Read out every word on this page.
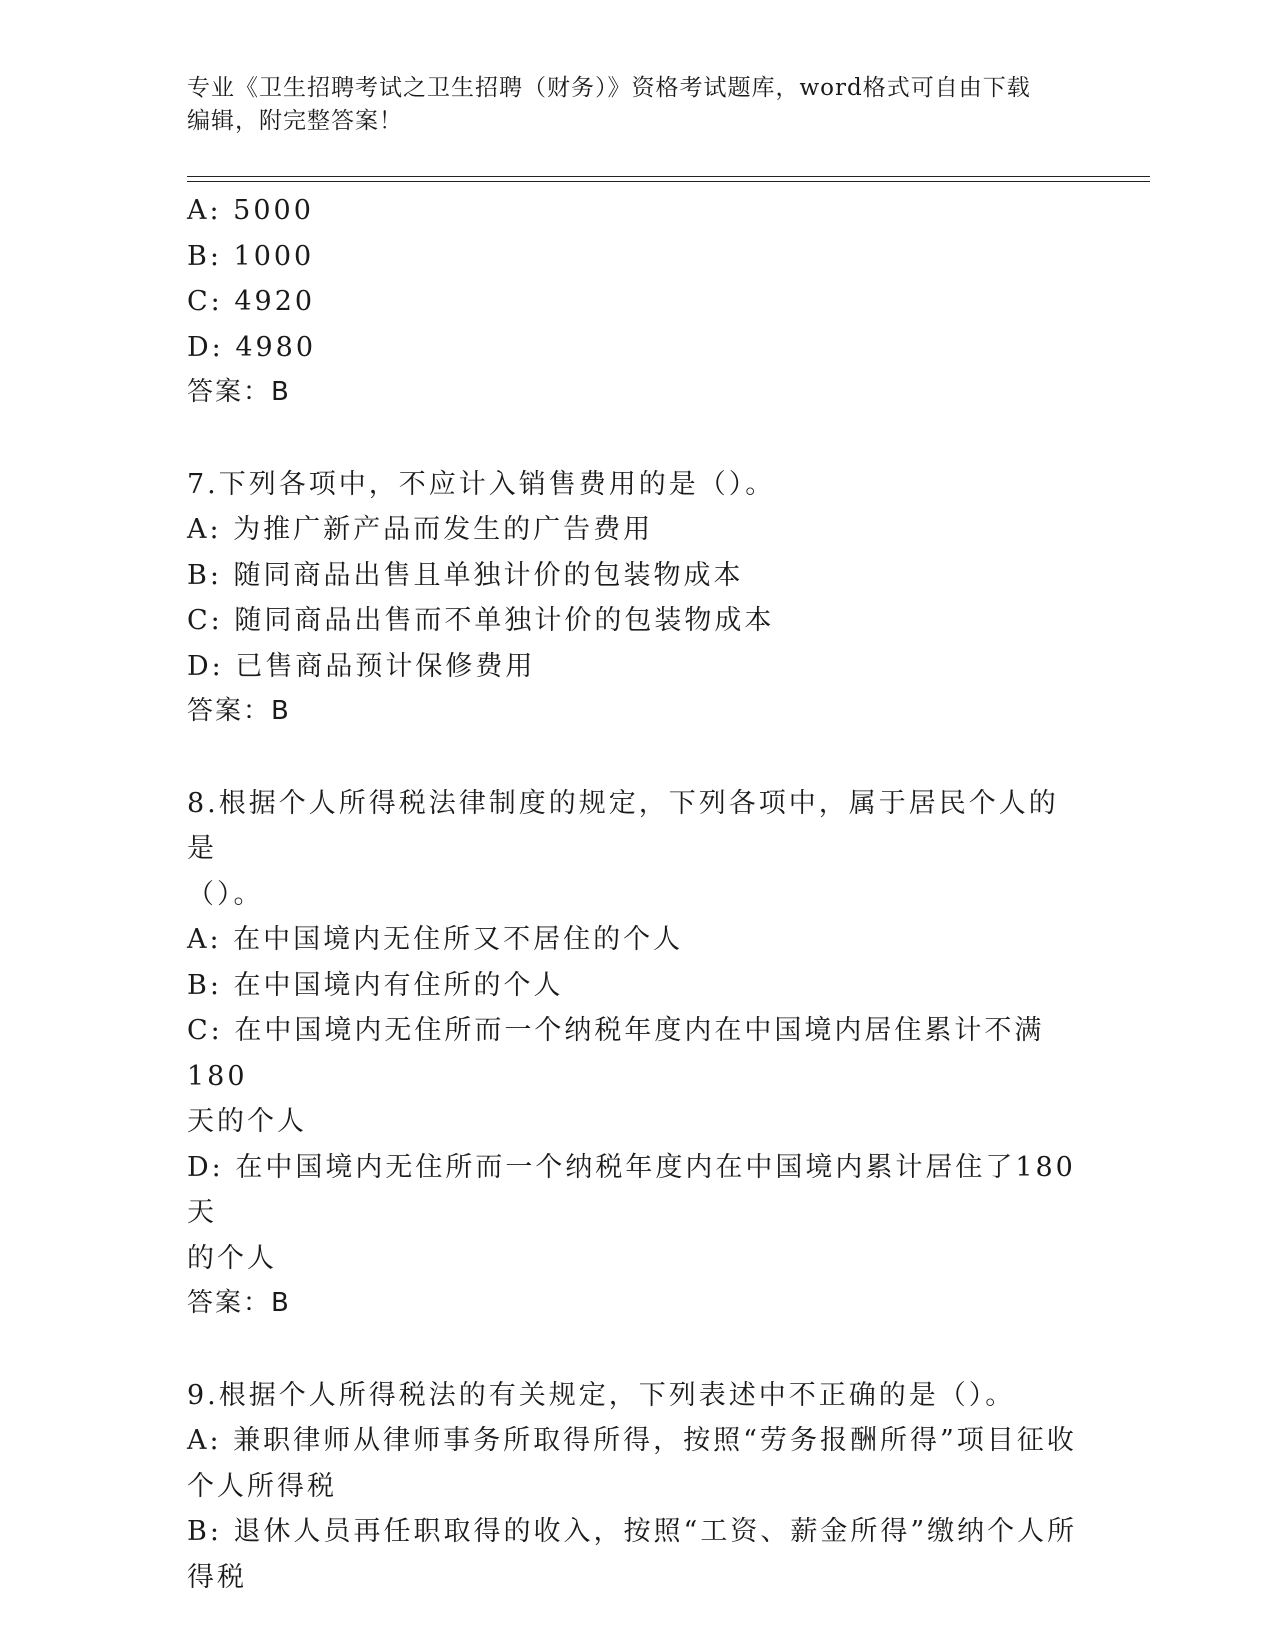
专业《卫生招聘考试之卫生招聘（财务）》资格考试题库，word格式可自由下载
编辑，附完整答案！

A: 5000

B: 1000

C: 4920

D: 4980

答案：B

7.下列各项中，不应计入销售费用的是（）。

A: 为推广新产品而发生的广告费用

B: 随同商品出售且单独计价的包装物成本

C: 随同商品出售而不单独计价的包装物成本

D: 已售商品预计保修费用

答案：B

8.根据个人所得税法律制度的规定，下列各项中，属于居民个人的是

（）。

A: 在中国境内无住所又不居住的个人

B: 在中国境内有住所的个人

C: 在中国境内无住所而一个纳税年度内在中国境内居住累计不满180

天的个人

D: 在中国境内无住所而一个纳税年度内在中国境内累计居住了180天

的个人

答案：B

9.根据个人所得税法的有关规定，下列表述中不正确的是（）。

A: 兼职律师从律师事务所取得所得，按照“劳务报酬所得”项目征收

个人所得税

B: 退休人员再任职取得的收入，按照“工资、薪金所得”缴纳个人所

得税
